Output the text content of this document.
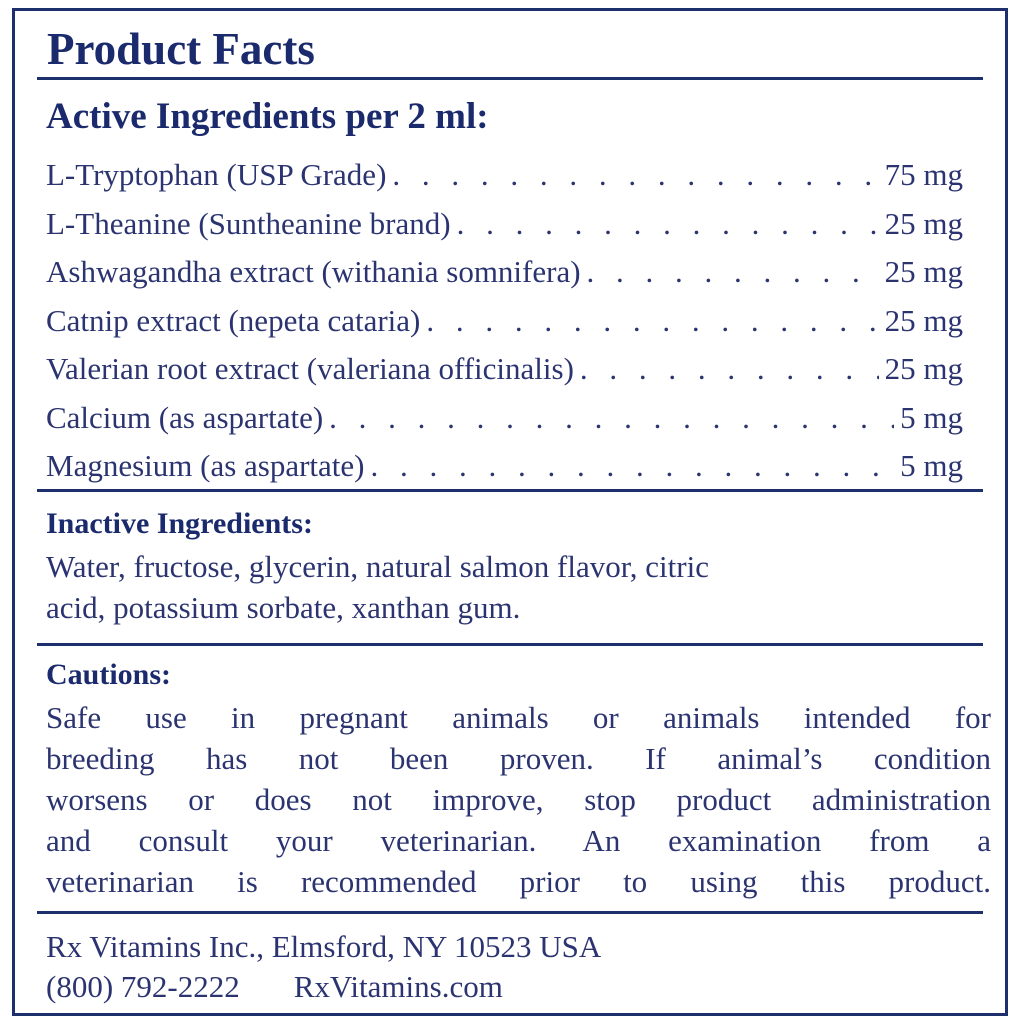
Product Facts
Active Ingredients per 2 ml:
L-Tryptophan (USP Grade) . . .	75 mg
L-Theanine (Suntheanine brand) . . .	25 mg
Ashwagandha extract (withania somnifera) . . .	25 mg
Catnip extract (nepeta cataria) . . .	25 mg
Valerian root extract (valeriana officinalis) . . .	25 mg
Calcium (as aspartate) . . .	5 mg
Magnesium (as aspartate) . . .	5 mg
Inactive Ingredients:
Water, fructose, glycerin, natural salmon flavor, citric
acid, potassium sorbate, xanthan gum.
Cautions:
Safe use in pregnant animals or animals intended for
breeding has not been proven. If animal’s condition
worsens or does not improve, stop product administration
and consult your veterinarian. An examination from a
veterinarian is recommended prior to using this product.
Rx Vitamins Inc., Elmsford, NY 10523 USA
(800) 792-2222 RxVitamins.com
